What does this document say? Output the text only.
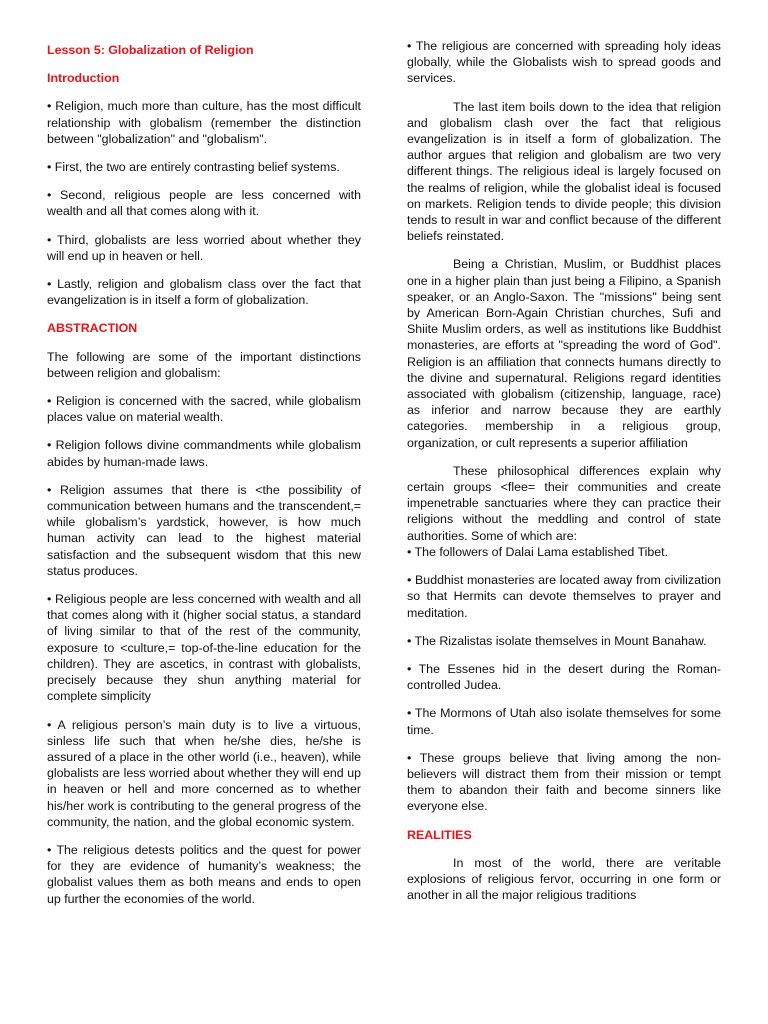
Lesson 5: Globalization of Religion
Introduction

• Religion, much more than culture, has the most difficult relationship with globalism (remember the distinction between "globalization" and "globalism".

• First, the two are entirely contrasting belief systems.

• Second, religious people are less concerned with wealth and all that comes along with it.

• Third, globalists are less worried about whether they will end up in heaven or hell.

• Lastly, religion and globalism class over the fact that evangelization is in itself a form of globalization.

ABSTRACTION

The following are some of the important distinctions between religion and globalism:

• Religion is concerned with the sacred, while globalism places value on material wealth.

• Religion follows divine commandments while globalism abides by human-made laws.

• Religion assumes that there is <the possibility of communication between humans and the transcendent,= while globalism’s yardstick, however, is how much human activity can lead to the highest material satisfaction and the subsequent wisdom that this new status produces.

• Religious people are less concerned with wealth and all that comes along with it (higher social status, a standard of living similar to that of the rest of the community, exposure to <culture,= top-of-the-line education for the children). They are ascetics, in contrast with globalists, precisely because they shun anything material for complete simplicity

• A religious person’s main duty is to live a virtuous, sinless life such that when he/she dies, he/she is assured of a place in the other world (i.e., heaven), while globalists are less worried about whether they will end up in heaven or hell and more concerned as to whether his/her work is contributing to the general progress of the community, the nation, and the global economic system.

• The religious detests politics and the quest for power for they are evidence of humanity’s weakness; the globalist values them as both means and ends to open up further the economies of the world.

• The religious are concerned with spreading holy ideas globally, while the Globalists wish to spread goods and services.

The last item boils down to the idea that religion and globalism clash over the fact that religious evangelization is in itself a form of globalization. The author argues that religion and globalism are two very different things. The religious ideal is largely focused on the realms of religion, while the globalist ideal is focused on markets. Religion tends to divide people; this division tends to result in war and conflict because of the different beliefs reinstated.

Being a Christian, Muslim, or Buddhist places one in a higher plain than just being a Filipino, a Spanish speaker, or an Anglo-Saxon. The "missions" being sent by American Born-Again Christian churches, Sufi and Shiite Muslim orders, as well as institutions like Buddhist monasteries, are efforts at "spreading the word of God". Religion is an affiliation that connects humans directly to the divine and supernatural. Religions regard identities associated with globalism (citizenship, language, race) as inferior and narrow because they are earthly categories. membership in a religious group, organization, or cult represents a superior affiliation

These philosophical differences explain why certain groups <flee= their communities and create impenetrable sanctuaries where they can practice their religions without the meddling and control of state authorities. Some of which are:

• The followers of Dalai Lama established Tibet.

• Buddhist monasteries are located away from civilization so that Hermits can devote themselves to prayer and meditation.

• The Rizalistas isolate themselves in Mount Banahaw.

• The Essenes hid in the desert during the Roman-controlled Judea.

• The Mormons of Utah also isolate themselves for some time.

• These groups believe that living among the non-believers will distract them from their mission or tempt them to abandon their faith and become sinners like everyone else.

REALITIES

In most of the world, there are veritable explosions of religious fervor, occurring in one form or another in all the major religious traditions
